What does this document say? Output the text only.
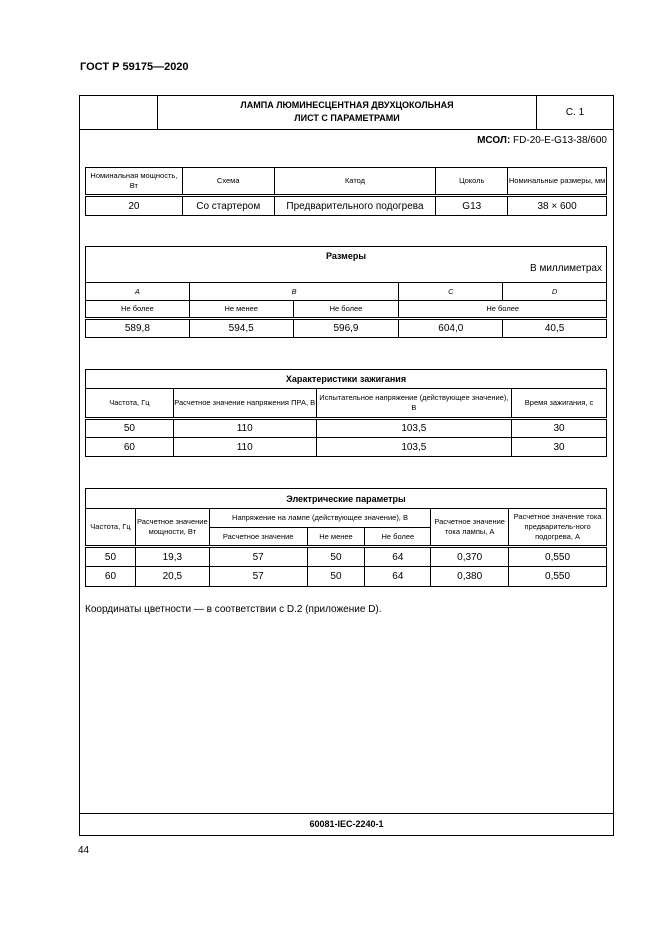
ГОСТ Р 59175—2020
ЛАМПА ЛЮМИНЕСЦЕНТНАЯ ДВУХЦОКОЛЬНАЯ
ЛИСТ С ПАРАМЕТРАМИ	С. 1
МСОЛ: FD-20-E-G13-38/600
60081-IEC-2240-1
Номинальная мощность, Вт	Схема	Катод	Цоколь	Номинальные размеры, мм
20	Со стартером	Предварительного подогрева	G13	38 × 600
Размеры
В миллиметрах				

A	B		C	D
Не более	Не менее	Не более	Не более	
589,8	594,5	596,9	604,0	40,5
Характеристики зажигания			
Частота, Гц	Расчетное значение напряжения ПРА, В	Испытательное напряжение (действующее значение), В	Время зажигания, с
50	110	103,5	30
60	110	103,5	30
Электрические параметры						
Частота, Гц	Расчетное значение мощности, Вт	Напряжение на лампе (действующее значение), В			Расчетное значение тока лампы, А	Расчетное значение тока предваритель-ного подогрева, А
		Расчетное значение	Не менее	Не более		
50	19,3	57	50	64	0,370	0,550
60	20,5	57	50	64	0,380	0,550
Координаты цветности — в соответствии с D.2 (приложение D).
44
